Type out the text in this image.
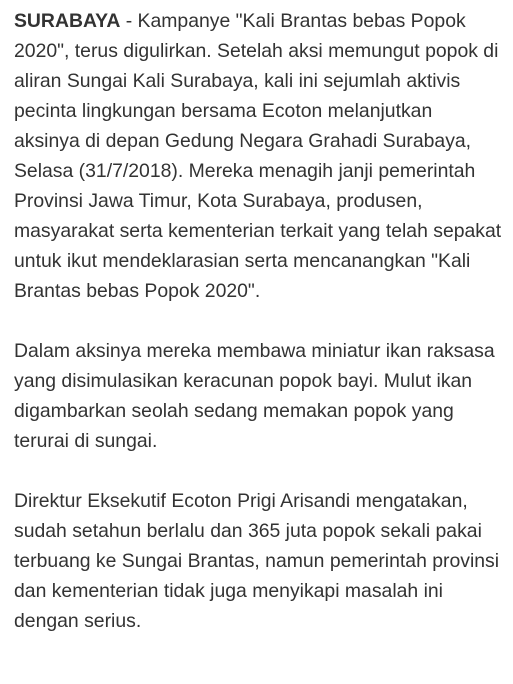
SURABAYA - Kampanye "Kali Brantas bebas Popok 2020", terus digulirkan. Setelah aksi memungut popok di aliran Sungai Kali Surabaya, kali ini sejumlah aktivis pecinta lingkungan bersama Ecoton melanjutkan aksinya di depan Gedung Negara Grahadi Surabaya, Selasa (31/7/2018). Mereka menagih janji pemerintah Provinsi Jawa Timur, Kota Surabaya, produsen, masyarakat serta kementerian terkait yang telah sepakat untuk ikut mendeklarasian serta mencanangkan "Kali Brantas bebas Popok 2020".

Dalam aksinya mereka membawa miniatur ikan raksasa yang disimulasikan keracunan popok bayi. Mulut ikan digambarkan seolah sedang memakan popok yang terurai di sungai.

Direktur Eksekutif Ecoton Prigi Arisandi mengatakan, sudah setahun berlalu dan 365 juta popok sekali pakai terbuang ke Sungai Brantas, namun pemerintah provinsi dan kementerian tidak juga menyikapi masalah ini dengan serius.
